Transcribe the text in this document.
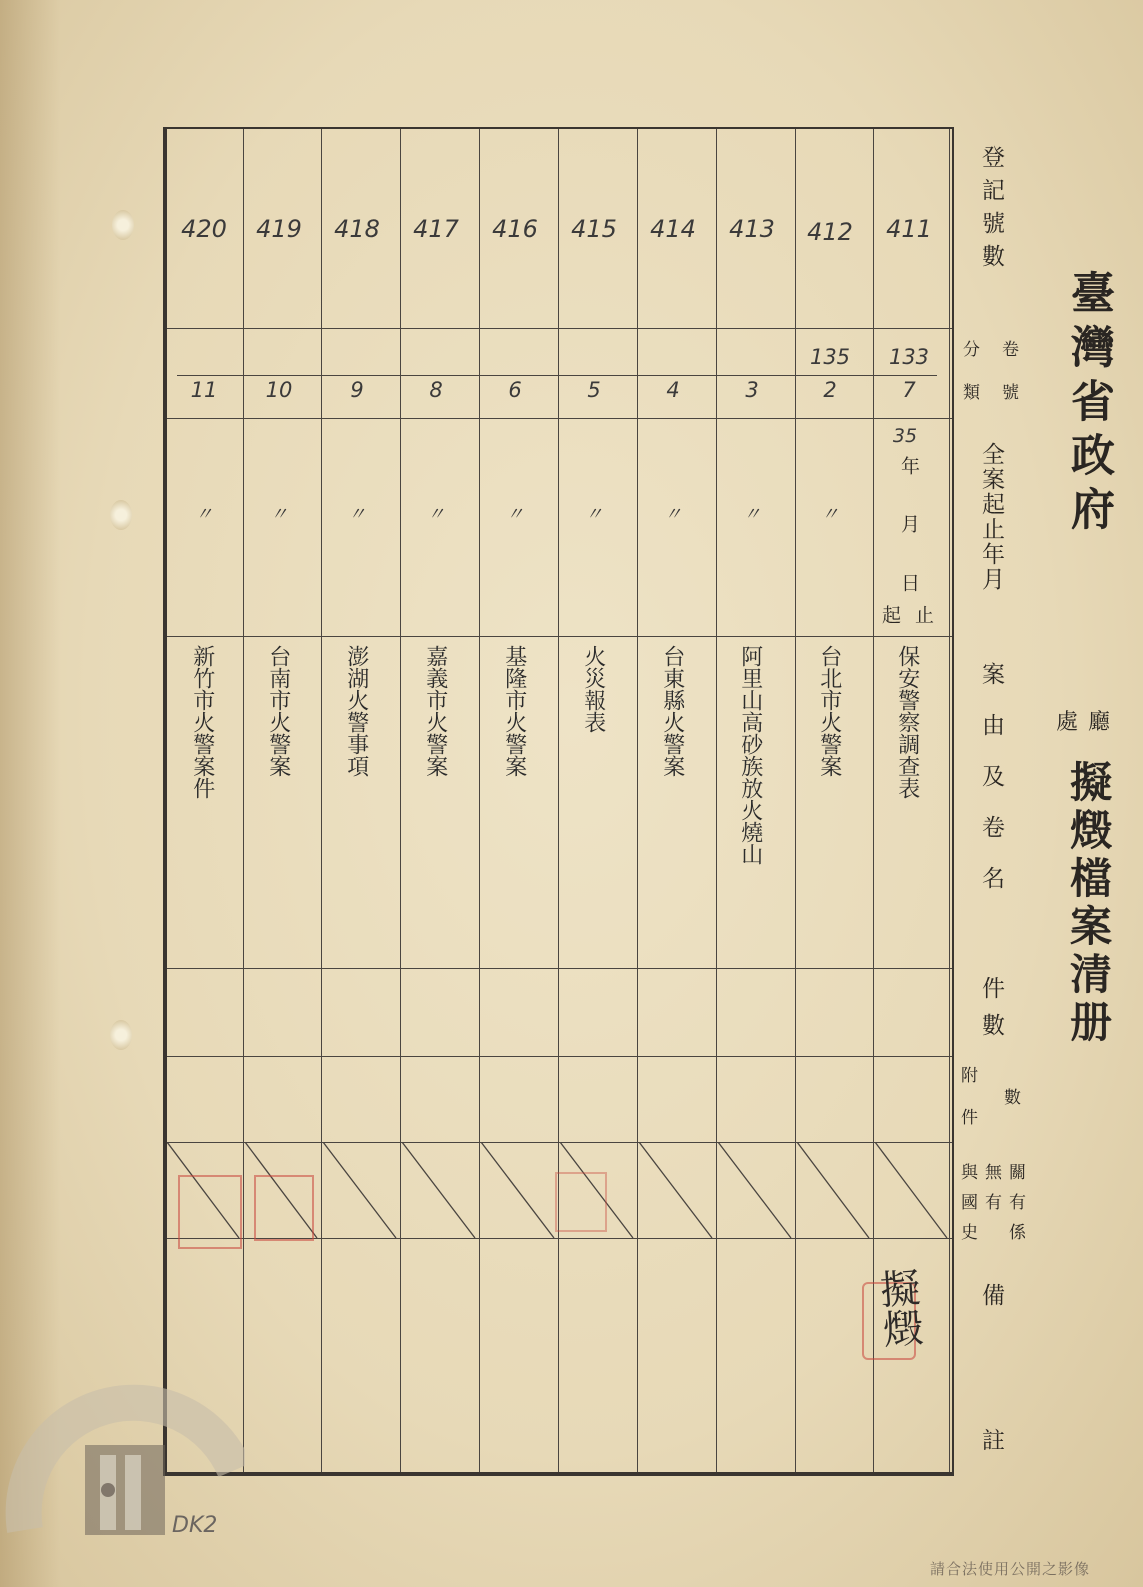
臺灣省政府
廳
處
擬燬檔案清册
登記號數
卷
號
分
類
全案起止年月
案由及卷名
件數
附
件
數
與
國
史
無
有
關
有
係
備
註
411
133
7
35
年
月
日
起 止
保安警察調查表
412
135
2
〃
台北市火警案
413
3
〃
阿里山高砂族放火燒山
414
4
〃
台東縣火警案
415
5
〃
火災報表
416
6
〃
基隆市火警案
417
8
〃
嘉義市火警案
418
9
〃
澎湖火警事項
419
10
〃
台南市火警案
420
11
〃
新竹市火警案件
擬燬
DK2
請合法使用公開之影像
